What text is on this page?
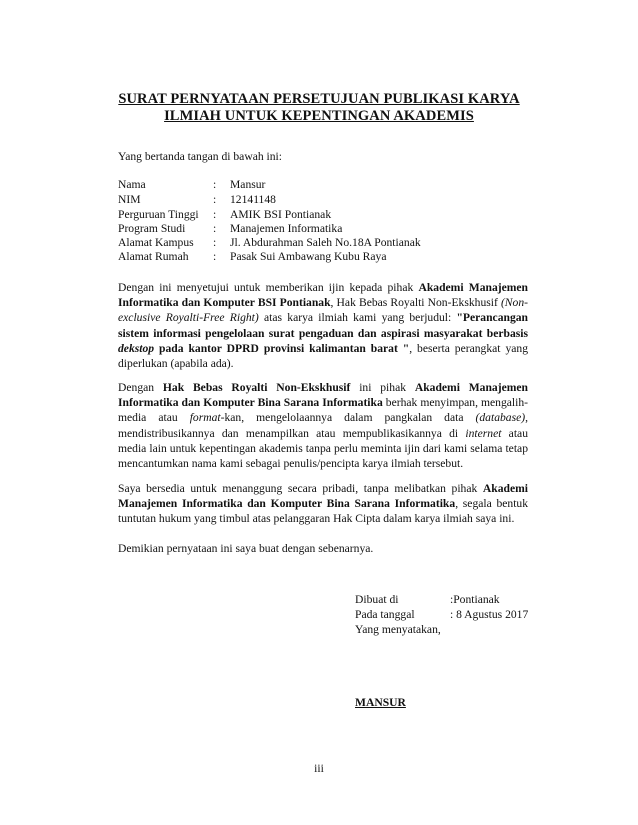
SURAT PERNYATAAN PERSETUJUAN PUBLIKASI KARYA
ILMIAH UNTUK KEPENTINGAN AKADEMIS
Yang bertanda tangan di bawah ini:
Nama	: Mansur
NIM	: 12141148
Perguruan Tinggi : AMIK BSI Pontianak
Program Studi : Manajemen Informatika
Alamat Kampus : Jl. Abdurahman Saleh No.18A Pontianak
Alamat Rumah : Pasak Sui Ambawang Kubu Raya
Dengan ini menyetujui untuk memberikan ijin kepada pihak Akademi Manajemen Informatika dan Komputer BSI Pontianak, Hak Bebas Royalti Non-Ekskhusif (Non-exclusive Royalti-Free Right) atas karya ilmiah kami yang berjudul: "Perancangan sistem informasi pengelolaan surat pengaduan dan aspirasi masyarakat berbasis dekstop pada kantor DPRD provinsi kalimantan barat ", beserta perangkat yang diperlukan (apabila ada).
Dengan Hak Bebas Royalti Non-Ekskhusif ini pihak Akademi Manajemen Informatika dan Komputer Bina Sarana Informatika berhak menyimpan, mengalih-media atau format-kan, mengelolaannya dalam pangkalan data (database), mendistribusikannya dan menampilkan atau mempublikasikannya di internet atau media lain untuk kepentingan akademis tanpa perlu meminta ijin dari kami selama tetap mencantumkan nama kami sebagai penulis/pencipta karya ilmiah tersebut.
Saya bersedia untuk menanggung secara pribadi, tanpa melibatkan pihak Akademi Manajemen Informatika dan Komputer Bina Sarana Informatika, segala bentuk tuntutan hukum yang timbul atas pelanggaran Hak Cipta dalam karya ilmiah saya ini.
Demikian pernyataan ini saya buat dengan sebenarnya.
Dibuat di	:Pontianak
Pada tanggal	: 8 Agustus 2017
Yang menyatakan,
MANSUR
iii
